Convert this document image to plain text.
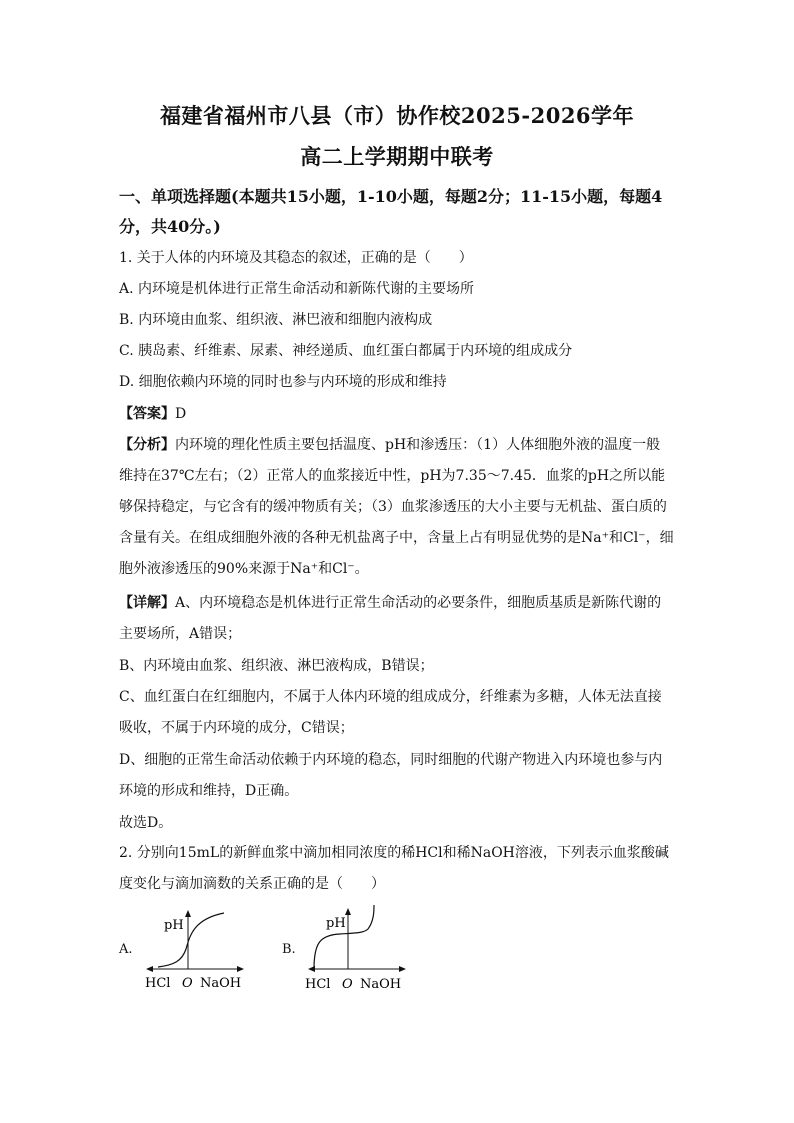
福建省福州市八县（市）协作校2025-2026学年
高二上学期期中联考
一、单项选择题(本题共15小题，1-10小题，每题2分；11-15小题，每题4
分，共40分。)
1. 关于人体的内环境及其稳态的叙述，正确的是（　　）
A. 内环境是机体进行正常生命活动和新陈代谢的主要场所
B. 内环境由血浆、组织液、淋巴液和细胞内液构成
C. 胰岛素、纤维素、尿素、神经递质、血红蛋白都属于内环境的组成成分
D. 细胞依赖内环境的同时也参与内环境的形成和维持
【答案】D
【分析】内环境的理化性质主要包括温度、pH和渗透压：（1）人体细胞外液的温度一般
维持在37℃左右；（2）正常人的血浆接近中性，pH为7.35～7.45．血浆的pH之所以能
够保持稳定，与它含有的缓冲物质有关；（3）血浆渗透压的大小主要与无机盐、蛋白质的
含量有关。在组成细胞外液的各种无机盐离子中，含量上占有明显优势的是Na⁺和Cl⁻，细
胞外液渗透压的90%来源于Na⁺和Cl⁻。
【详解】A、内环境稳态是机体进行正常生命活动的必要条件，细胞质基质是新陈代谢的
主要场所，A错误；
B、内环境由血浆、组织液、淋巴液构成，B错误；
C、血红蛋白在红细胞内，不属于人体内环境的组成成分，纤维素为多糖，人体无法直接
吸收，不属于内环境的成分，C错误；
D、细胞的正常生命活动依赖于内环境的稳态，同时细胞的代谢产物进入内环境也参与内
环境的形成和维持，D正确。
故选D。
2. 分别向15mL的新鲜血浆中滴加相同浓度的稀HCl和稀NaOH溶液，下列表示血浆酸碱
度变化与滴加滴数的关系正确的是（　　）
A.
pH
HCl O NaOH
B.
pH
HCl O NaOH
